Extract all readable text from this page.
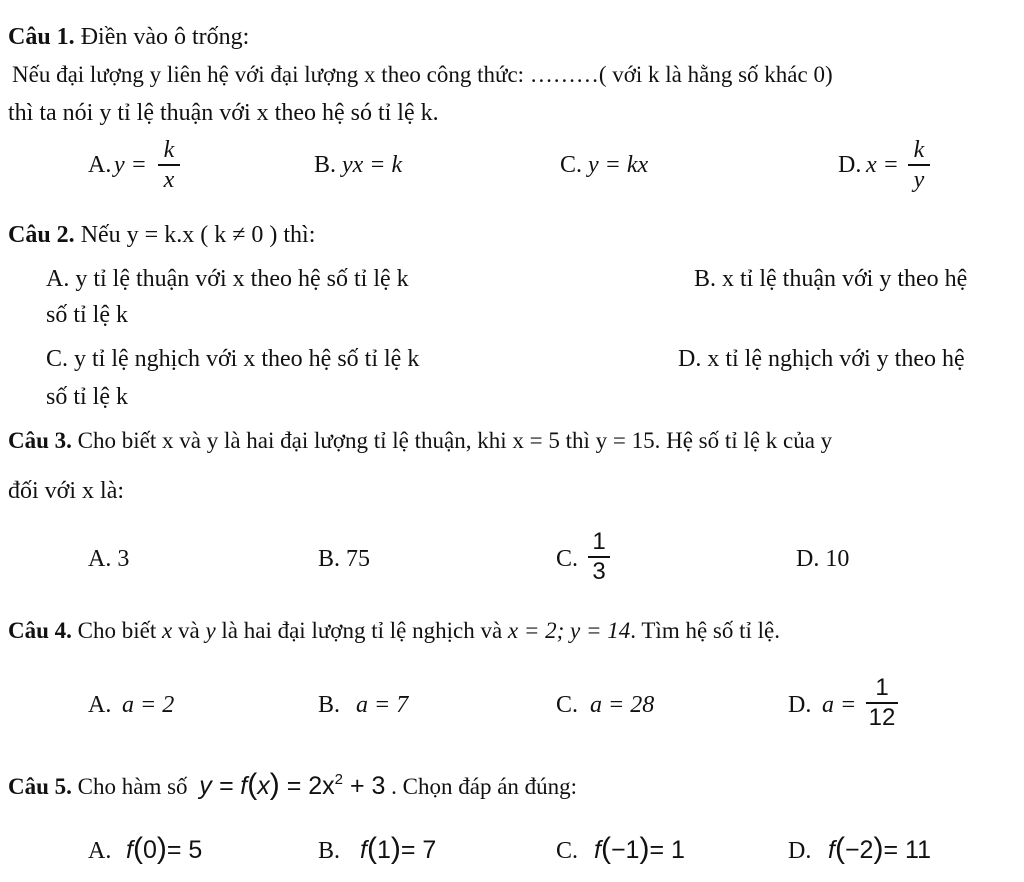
Câu 1. Điền vào ô trống:
Nếu đại lượng y liên hệ với đại lượng x theo công thức: ………( với k là hằng số khác 0)
thì ta nói y tỉ lệ thuận với x theo hệ só tỉ lệ k.
A. y =
k
x
B. yx = k	C. y = kx	D. x =
k
y
Câu 2. Nếu y = k.x ( k ≠ 0 ) thì:
A. y tỉ lệ thuận với x theo hệ số tỉ lệ k	B. x tỉ lệ thuận với y theo hệ
số tỉ lệ k
C. y tỉ lệ nghịch với x theo hệ số tỉ lệ k	D. x tỉ lệ nghịch với y theo hệ
số tỉ lệ k
Câu 3. Cho biết x và y là hai đại lượng tỉ lệ thuận, khi x = 5 thì y = 15. Hệ số tỉ lệ k của y
đối với x là:
A. 3	B. 75	C.
1
3	D. 10
Câu 4. Cho biết x và y là hai đại lượng tỉ lệ nghịch và x = 2; y = 14. Tìm hệ số tỉ lệ.
A. a = 2	B. a = 7	C. a = 28	D. a =
1
12
Câu 5. Cho hàm số $y = f(x) = 2x^2 + 3$ . Chọn đáp án đúng:
A. f(0)= 5	B. f(1)= 7	C. f(−1)= 1	D. f(−2)= 11
